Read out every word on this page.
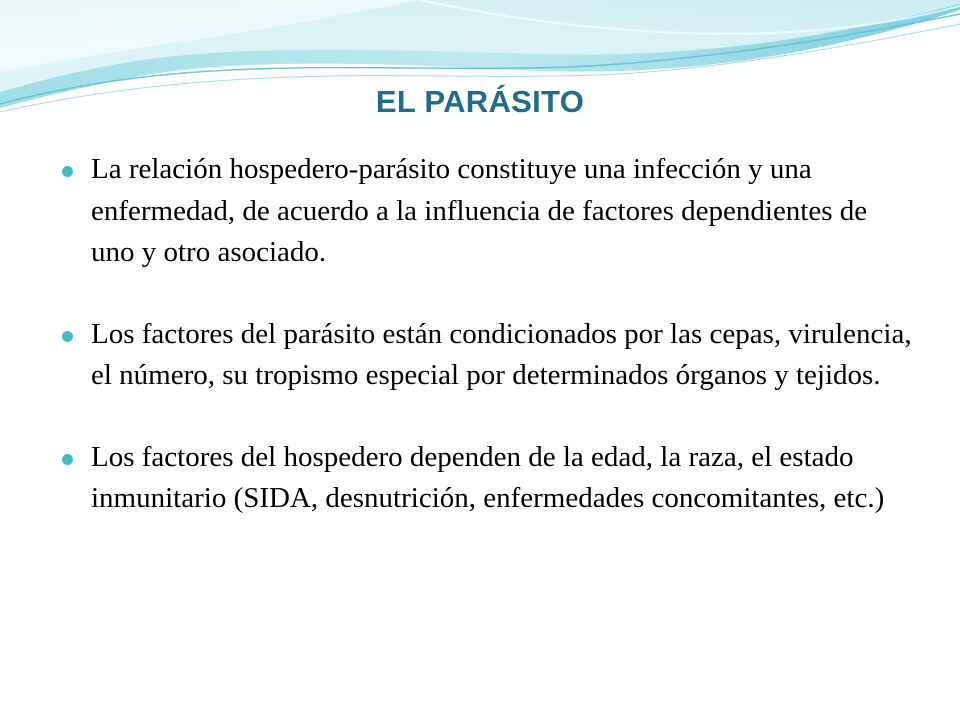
EL PARÁSITO
La relación hospedero-parásito constituye una infección y una enfermedad, de acuerdo a la influencia de factores dependientes de uno y otro asociado.
Los factores del parásito están condicionados por las cepas, virulencia, el número, su tropismo especial por determinados órganos y tejidos.
Los factores del hospedero dependen de la edad, la raza, el estado inmunitario (SIDA, desnutrición, enfermedades concomitantes, etc.)
